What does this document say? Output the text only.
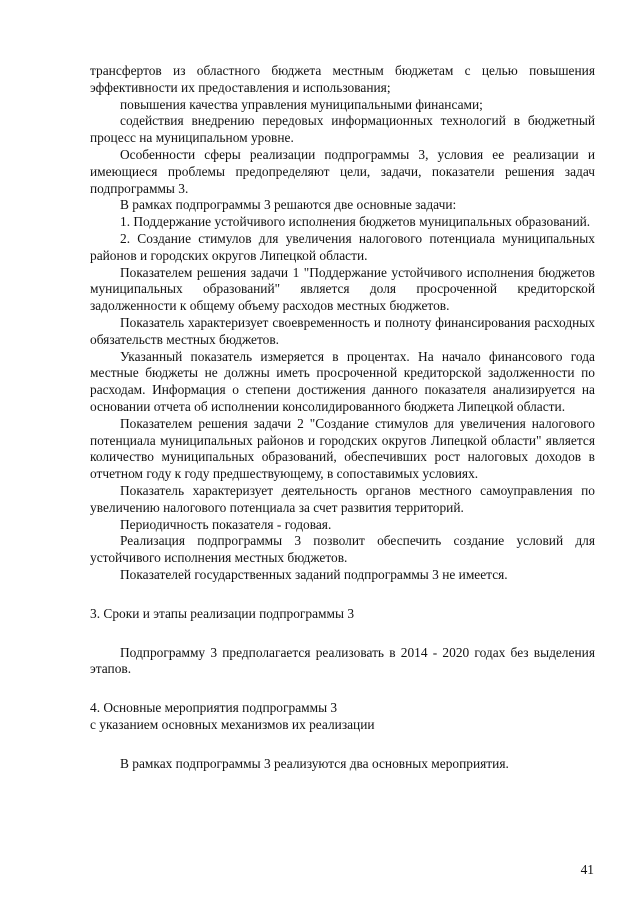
трансфертов из областного бюджета местным бюджетам с целью повышения эффективности их предоставления и использования;

повышения качества управления муниципальными финансами;

содействия внедрению передовых информационных технологий в бюджетный процесс на муниципальном уровне.

Особенности сферы реализации подпрограммы 3, условия ее реализации и имеющиеся проблемы предопределяют цели, задачи, показатели решения задач подпрограммы 3.

В рамках подпрограммы 3 решаются две основные задачи:

1. Поддержание устойчивого исполнения бюджетов муниципальных образований.

2. Создание стимулов для увеличения налогового потенциала муниципальных районов и городских округов Липецкой области.

Показателем решения задачи 1 "Поддержание устойчивого исполнения бюджетов муниципальных образований" является доля просроченной кредиторской задолженности к общему объему расходов местных бюджетов.

Показатель характеризует своевременность и полноту финансирования расходных обязательств местных бюджетов.

Указанный показатель измеряется в процентах. На начало финансового года местные бюджеты не должны иметь просроченной кредиторской задолженности по расходам. Информация о степени достижения данного показателя анализируется на основании отчета об исполнении консолидированного бюджета Липецкой области.

Показателем решения задачи 2 "Создание стимулов для увеличения налогового потенциала муниципальных районов и городских округов Липецкой области" является количество муниципальных образований, обеспечивших рост налоговых доходов в отчетном году к году предшествующему, в сопоставимых условиях.

Показатель характеризует деятельность органов местного самоуправления по увеличению налогового потенциала за счет развития территорий.

Периодичность показателя - годовая.

Реализация подпрограммы 3 позволит обеспечить создание условий для устойчивого исполнения местных бюджетов.

Показателей государственных заданий подпрограммы 3 не имеется.

3. Сроки и этапы реализации подпрограммы 3

Подпрограмму 3 предполагается реализовать в 2014 - 2020 годах без выделения этапов.

4. Основные мероприятия подпрограммы 3

с указанием основных механизмов их реализации

В рамках подпрограммы 3 реализуются два основных мероприятия.

41
